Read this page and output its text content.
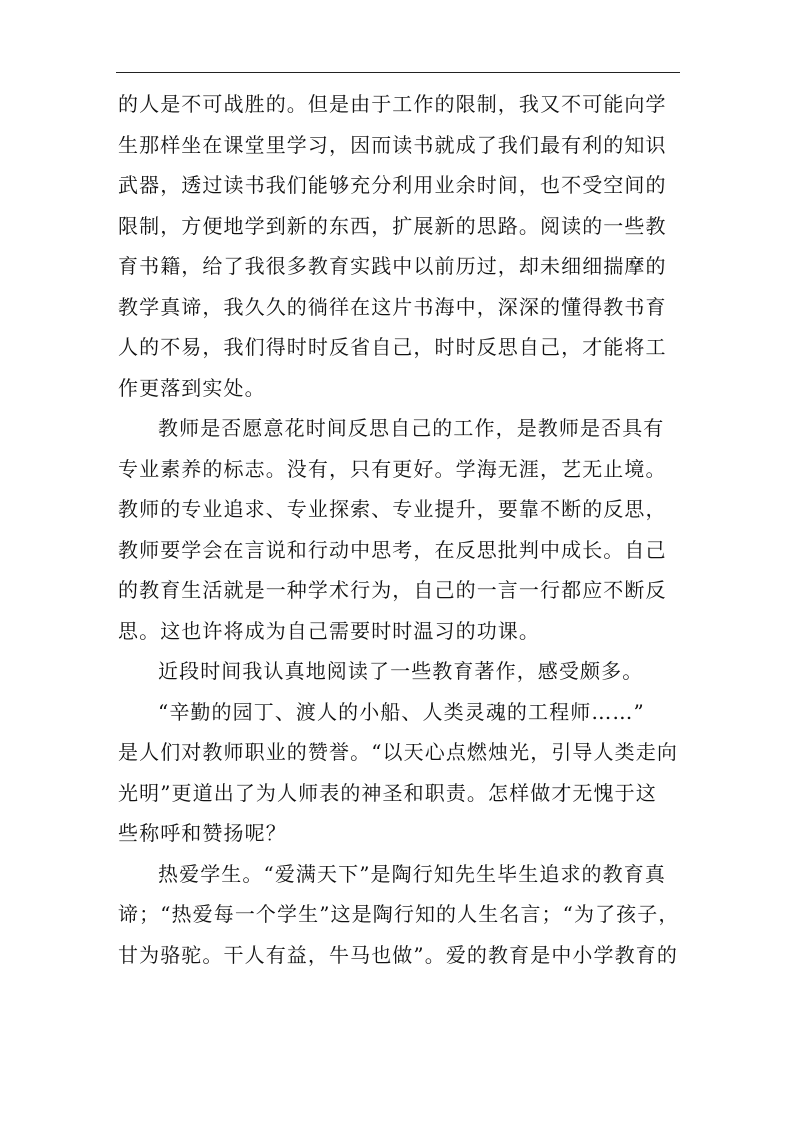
的人是不可战胜的。但是由于工作的限制，我又不可能向学
生那样坐在课堂里学习，因而读书就成了我们最有利的知识
武器，透过读书我们能够充分利用业余时间，也不受空间的
限制，方便地学到新的东西，扩展新的思路。阅读的一些教
育书籍，给了我很多教育实践中以前历过，却未细细揣摩的
教学真谛，我久久的徜徉在这片书海中，深深的懂得教书育
人的不易，我们得时时反省自己，时时反思自己，才能将工
作更落到实处。
教师是否愿意花时间反思自己的工作，是教师是否具有
专业素养的标志。没有，只有更好。学海无涯，艺无止境。
教师的专业追求、专业探索、专业提升，要靠不断的反思，
教师要学会在言说和行动中思考，在反思批判中成长。自己
的教育生活就是一种学术行为，自己的一言一行都应不断反
思。这也许将成为自己需要时时温习的功课。
近段时间我认真地阅读了一些教育著作，感受颇多。
“辛勤的园丁、渡人的小船、人类灵魂的工程师……”
是人们对教师职业的赞誉。“以天心点燃烛光，引导人类走向
光明”更道出了为人师表的神圣和职责。怎样做才无愧于这
些称呼和赞扬呢？
热爱学生。“爱满天下”是陶行知先生毕生追求的教育真
谛；“热爱每一个学生”这是陶行知的人生名言；“为了孩子，
甘为骆驼。干人有益，牛马也做”。爱的教育是中小学教育的
